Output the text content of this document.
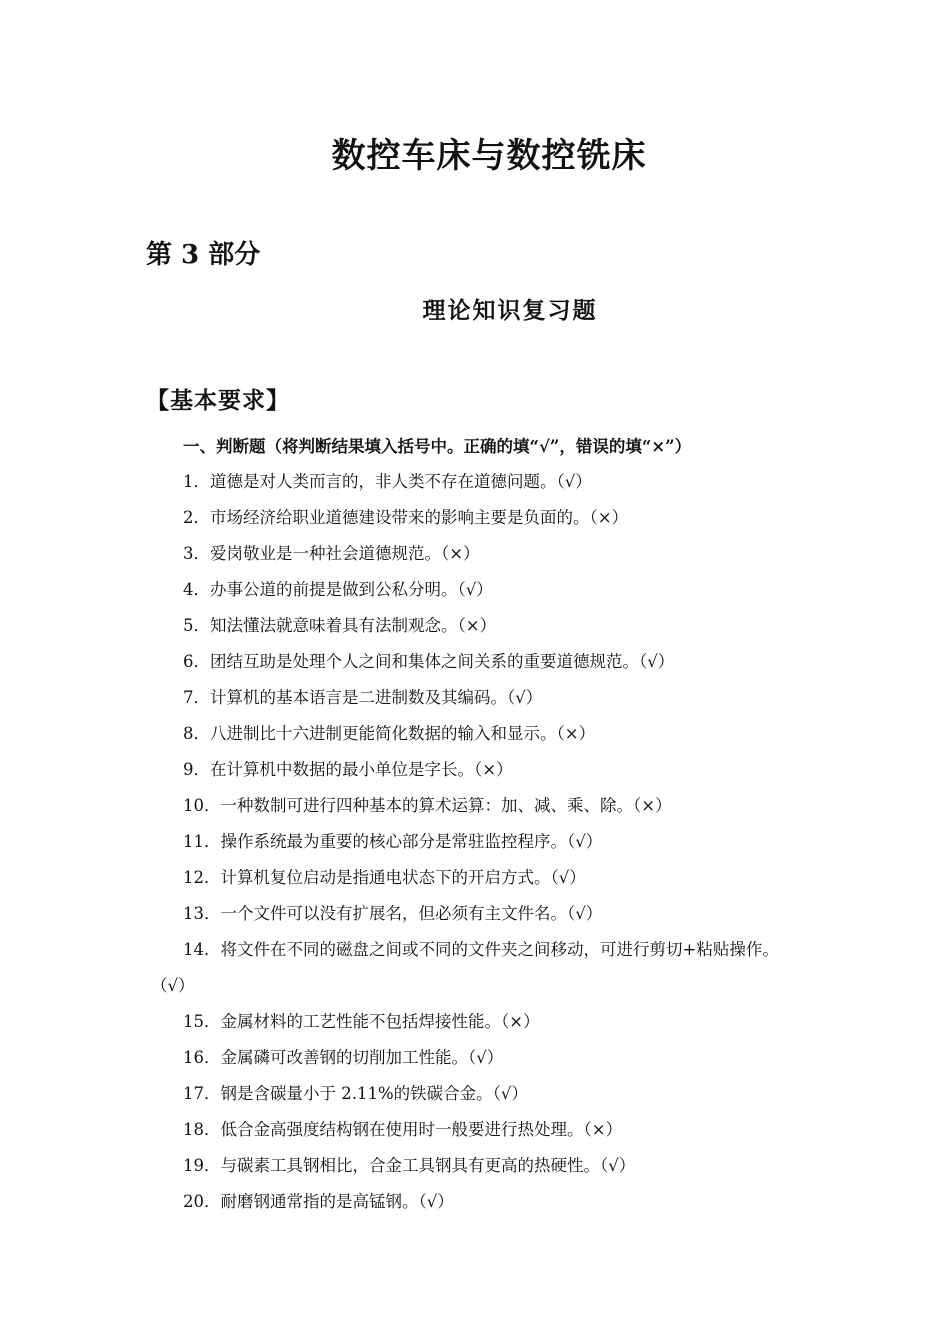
数控车床与数控铣床
第 3 部分
理论知识复习题
【基本要求】
一、判断题（将判断结果填入括号中。正确的填“√”，错误的填“×”）
1．道德是对人类而言的，非人类不存在道德问题。（√）
2．市场经济给职业道德建设带来的影响主要是负面的。（×）
3．爱岗敬业是一种社会道德规范。（×）
4．办事公道的前提是做到公私分明。（√）
5．知法懂法就意味着具有法制观念。（×）
6．团结互助是处理个人之间和集体之间关系的重要道德规范。（√）
7．计算机的基本语言是二进制数及其编码。（√）
8．八进制比十六进制更能简化数据的输入和显示。（×）
9．在计算机中数据的最小单位是字长。（×）
10．一种数制可进行四种基本的算术运算：加、减、乘、除。（×）
11．操作系统最为重要的核心部分是常驻监控程序。（√）
12．计算机复位启动是指通电状态下的开启方式。（√）
13．一个文件可以没有扩展名，但必须有主文件名。（√）
14．将文件在不同的磁盘之间或不同的文件夹之间移动，可进行剪切+粘贴操作。
（√）
15．金属材料的工艺性能不包括焊接性能。（×）
16．金属磷可改善钢的切削加工性能。（√）
17．钢是含碳量小于 2.11%的铁碳合金。（√）
18．低合金高强度结构钢在使用时一般要进行热处理。（×）
19．与碳素工具钢相比，合金工具钢具有更高的热硬性。（√）
20．耐磨钢通常指的是高锰钢。（√）
